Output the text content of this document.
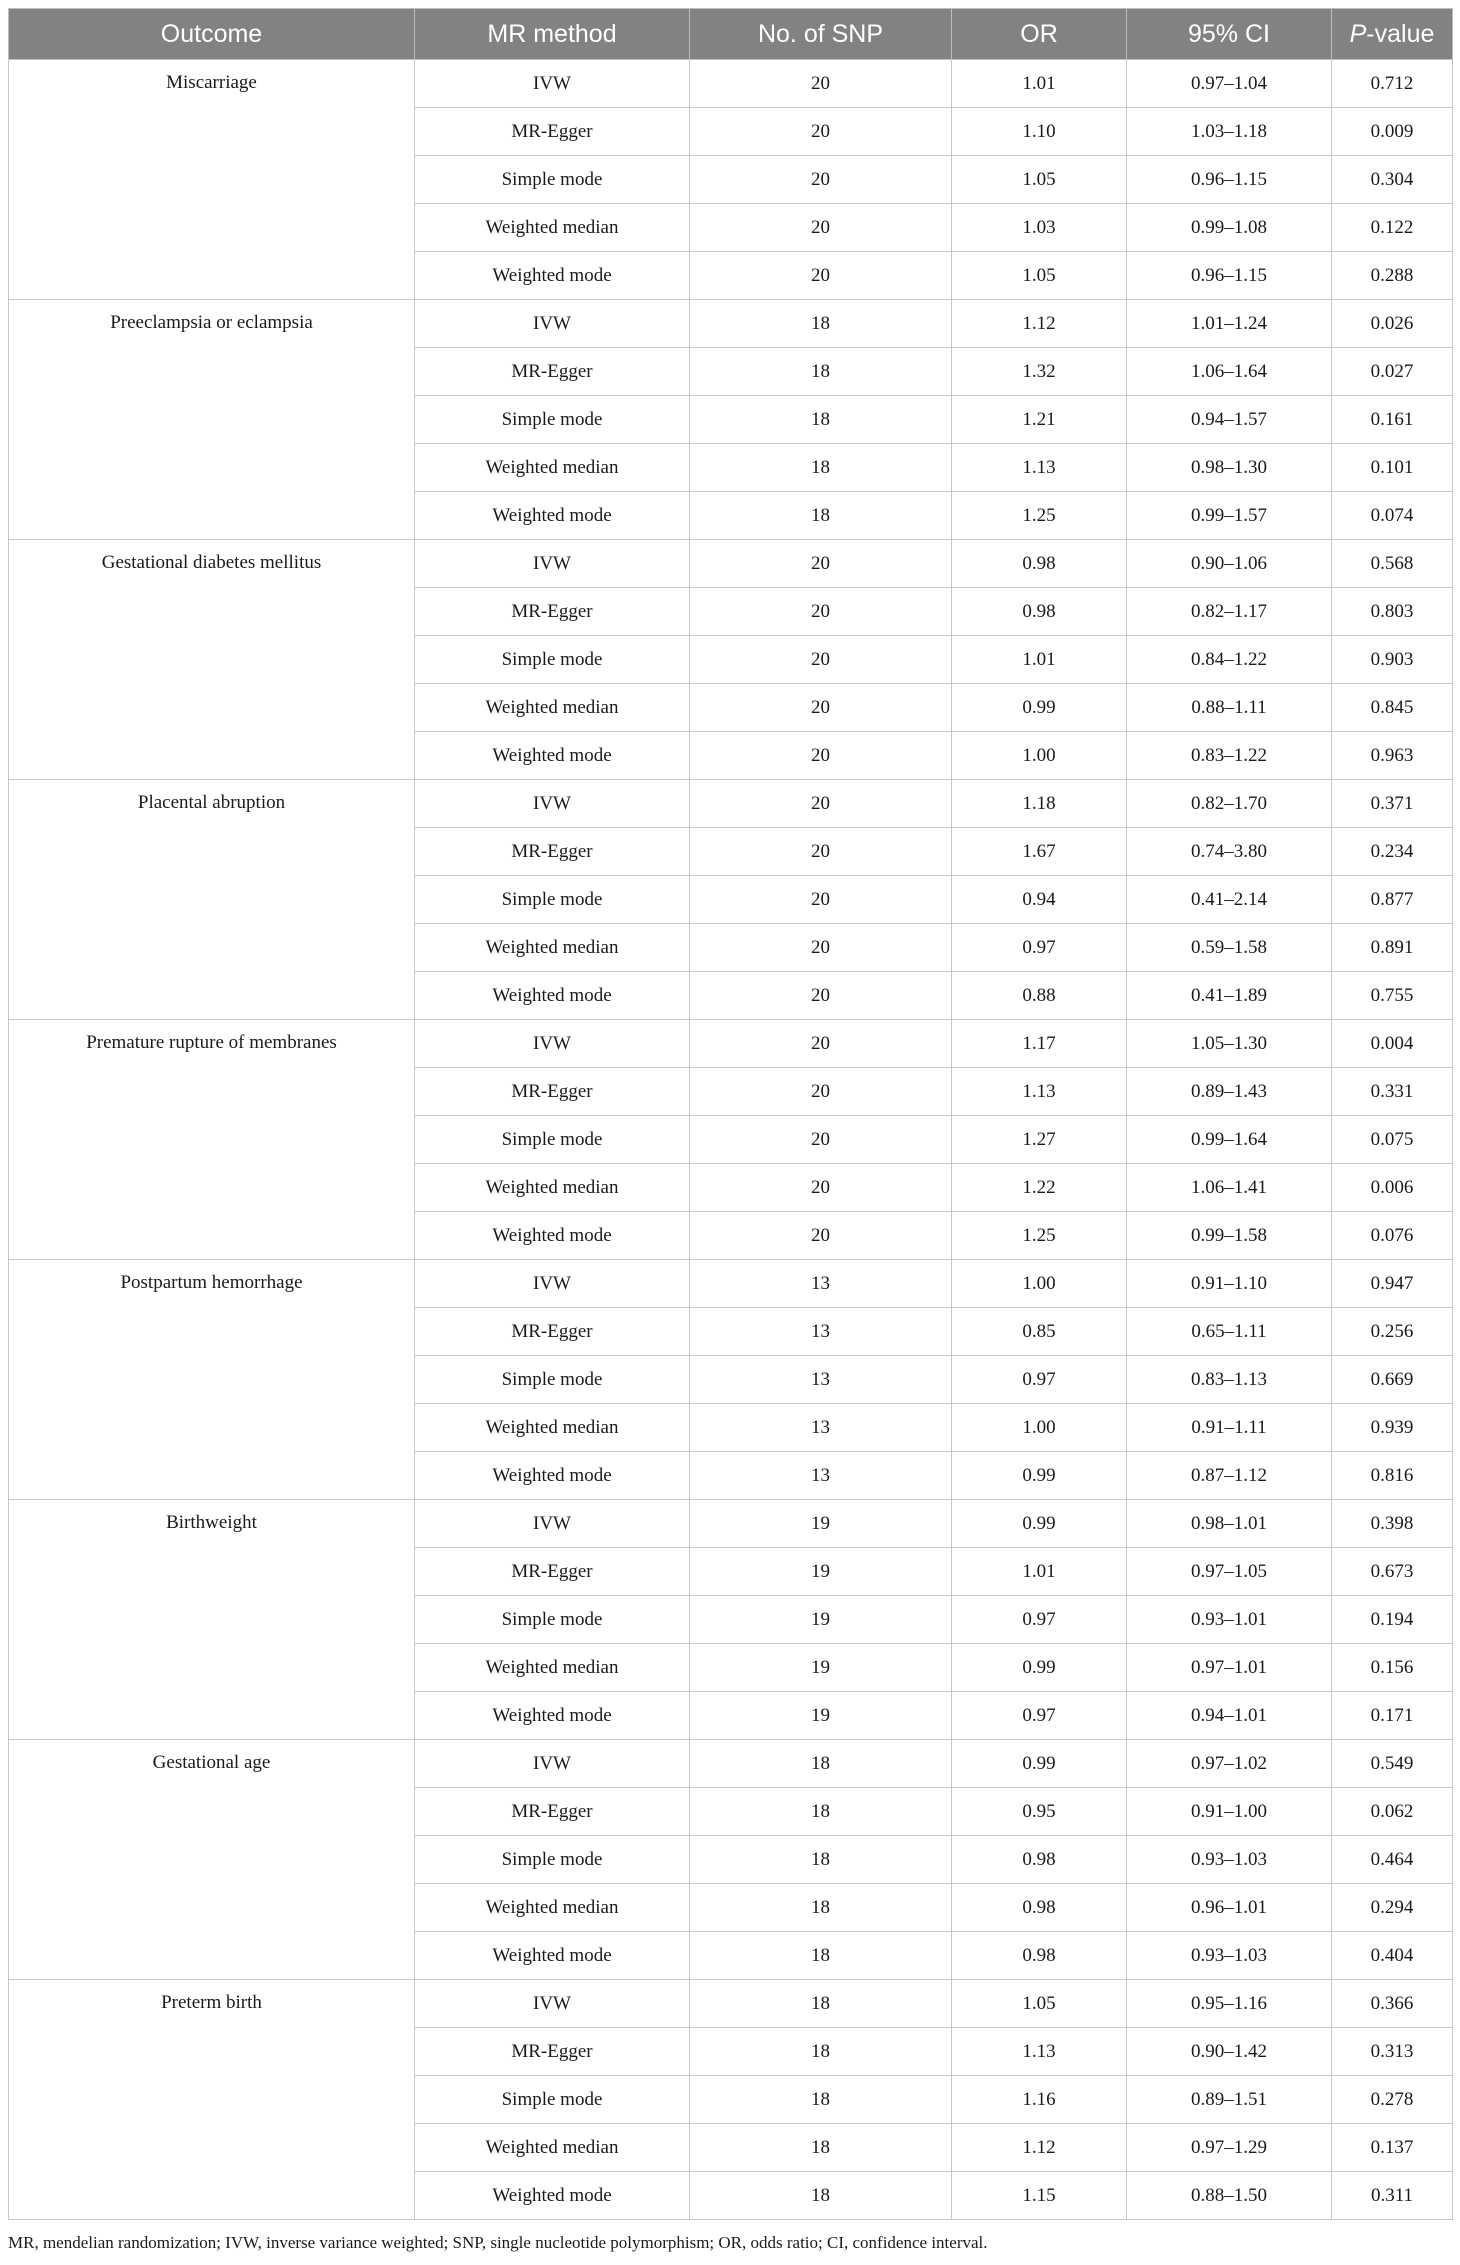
Outcome	MR method	No. of SNP	OR	95% CI	P-value
Miscarriage	IVW	20	1.01	0.97–1.04	0.712
	MR-Egger	20	1.10	1.03–1.18	0.009
	Simple mode	20	1.05	0.96–1.15	0.304
	Weighted median	20	1.03	0.99–1.08	0.122
	Weighted mode	20	1.05	0.96–1.15	0.288
Preeclampsia or eclampsia	IVW	18	1.12	1.01–1.24	0.026
	MR-Egger	18	1.32	1.06–1.64	0.027
	Simple mode	18	1.21	0.94–1.57	0.161
	Weighted median	18	1.13	0.98–1.30	0.101
	Weighted mode	18	1.25	0.99–1.57	0.074
Gestational diabetes mellitus	IVW	20	0.98	0.90–1.06	0.568
	MR-Egger	20	0.98	0.82–1.17	0.803
	Simple mode	20	1.01	0.84–1.22	0.903
	Weighted median	20	0.99	0.88–1.11	0.845
	Weighted mode	20	1.00	0.83–1.22	0.963
Placental abruption	IVW	20	1.18	0.82–1.70	0.371
	MR-Egger	20	1.67	0.74–3.80	0.234
	Simple mode	20	0.94	0.41–2.14	0.877
	Weighted median	20	0.97	0.59–1.58	0.891
	Weighted mode	20	0.88	0.41–1.89	0.755
Premature rupture of membranes	IVW	20	1.17	1.05–1.30	0.004
	MR-Egger	20	1.13	0.89–1.43	0.331
	Simple mode	20	1.27	0.99–1.64	0.075
	Weighted median	20	1.22	1.06–1.41	0.006
	Weighted mode	20	1.25	0.99–1.58	0.076
Postpartum hemorrhage	IVW	13	1.00	0.91–1.10	0.947
	MR-Egger	13	0.85	0.65–1.11	0.256
	Simple mode	13	0.97	0.83–1.13	0.669
	Weighted median	13	1.00	0.91–1.11	0.939
	Weighted mode	13	0.99	0.87–1.12	0.816
Birthweight	IVW	19	0.99	0.98–1.01	0.398
	MR-Egger	19	1.01	0.97–1.05	0.673
	Simple mode	19	0.97	0.93–1.01	0.194
	Weighted median	19	0.99	0.97–1.01	0.156
	Weighted mode	19	0.97	0.94–1.01	0.171
Gestational age	IVW	18	0.99	0.97–1.02	0.549
	MR-Egger	18	0.95	0.91–1.00	0.062
	Simple mode	18	0.98	0.93–1.03	0.464
	Weighted median	18	0.98	0.96–1.01	0.294
	Weighted mode	18	0.98	0.93–1.03	0.404
Preterm birth	IVW	18	1.05	0.95–1.16	0.366
	MR-Egger	18	1.13	0.90–1.42	0.313
	Simple mode	18	1.16	0.89–1.51	0.278
	Weighted median	18	1.12	0.97–1.29	0.137
	Weighted mode	18	1.15	0.88–1.50	0.311
MR, mendelian randomization; IVW, inverse variance weighted; SNP, single nucleotide polymorphism; OR, odds ratio; CI, confidence interval.
